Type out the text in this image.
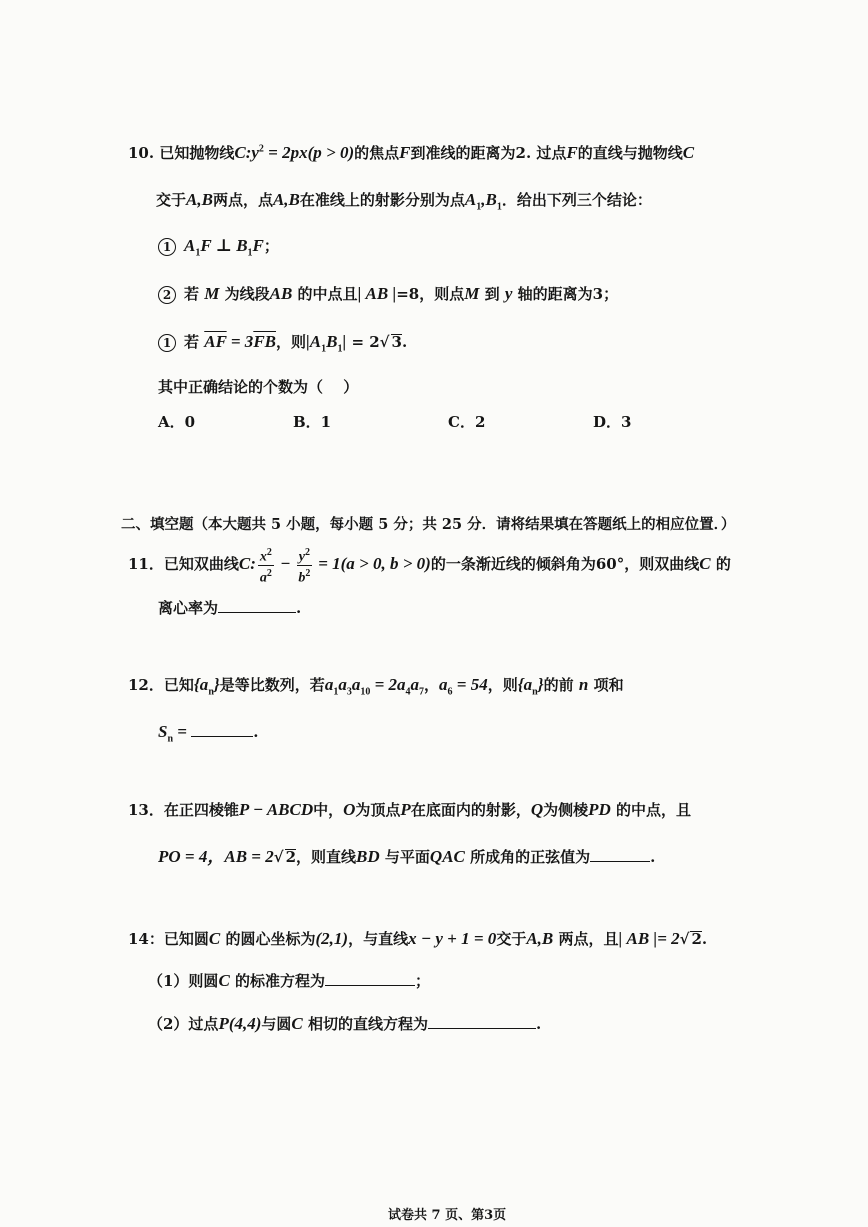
10. 已知抛物线$C:y^2 = 2px(p > 0)$的焦点F到准线的距离为2. 过点F的直线与抛物线C
交于A,B两点，点A,B在准线上的射影分别为点$A_1,B_1$．给出下列三个结论：
1 $A_1F$ ⊥ $B_1F$；
2 若 M 为线段AB 的中点且| AB |=8，则点M 到 y 轴的距离为3；
1 若 $\overline{AF} = 3\overline{FB}$，则$|A_1B_1| = 2√$ 3.
其中正确结论的个数为（　 ）
A．0	B．1	C．2	D．3
二、填空题（本大题共 5 小题，每小题 5 分；共 25 分．请将结果填在答题纸上的相应位置．）
11．已知双曲线C: $\frac{x^2}{a^2} - \frac{y^2}{b^2} = 1(a > 0$, b > 0)的一条渐近线的倾斜角为60°，则双曲线C 的
离心率为	.
12．已知$\{a_n\}$是等比数列，若$a_1a_3a_{10} = 2a_4a_7$，$a_6 = 54$，则$\{a_n\}$的前 n 项和
$S_n$ =	.
13．在正四棱锥P − ABCD中，O为顶点P在底面内的射影，Q为侧棱PD 的中点，且
PO = 4，AB = 2√ 2，则直线BD 与平面QAC 所成角的正弦值为	.
14：已知圆C 的圆心坐标为(2,1)，与直线x − y + 1 = 0交于A,B 两点，且| AB |= 2√ 2.
（1）则圆C 的标准方程为	；
（2）过点P(4,4)与圆C 相切的直线方程为	.
试卷共 7 页、第3页
